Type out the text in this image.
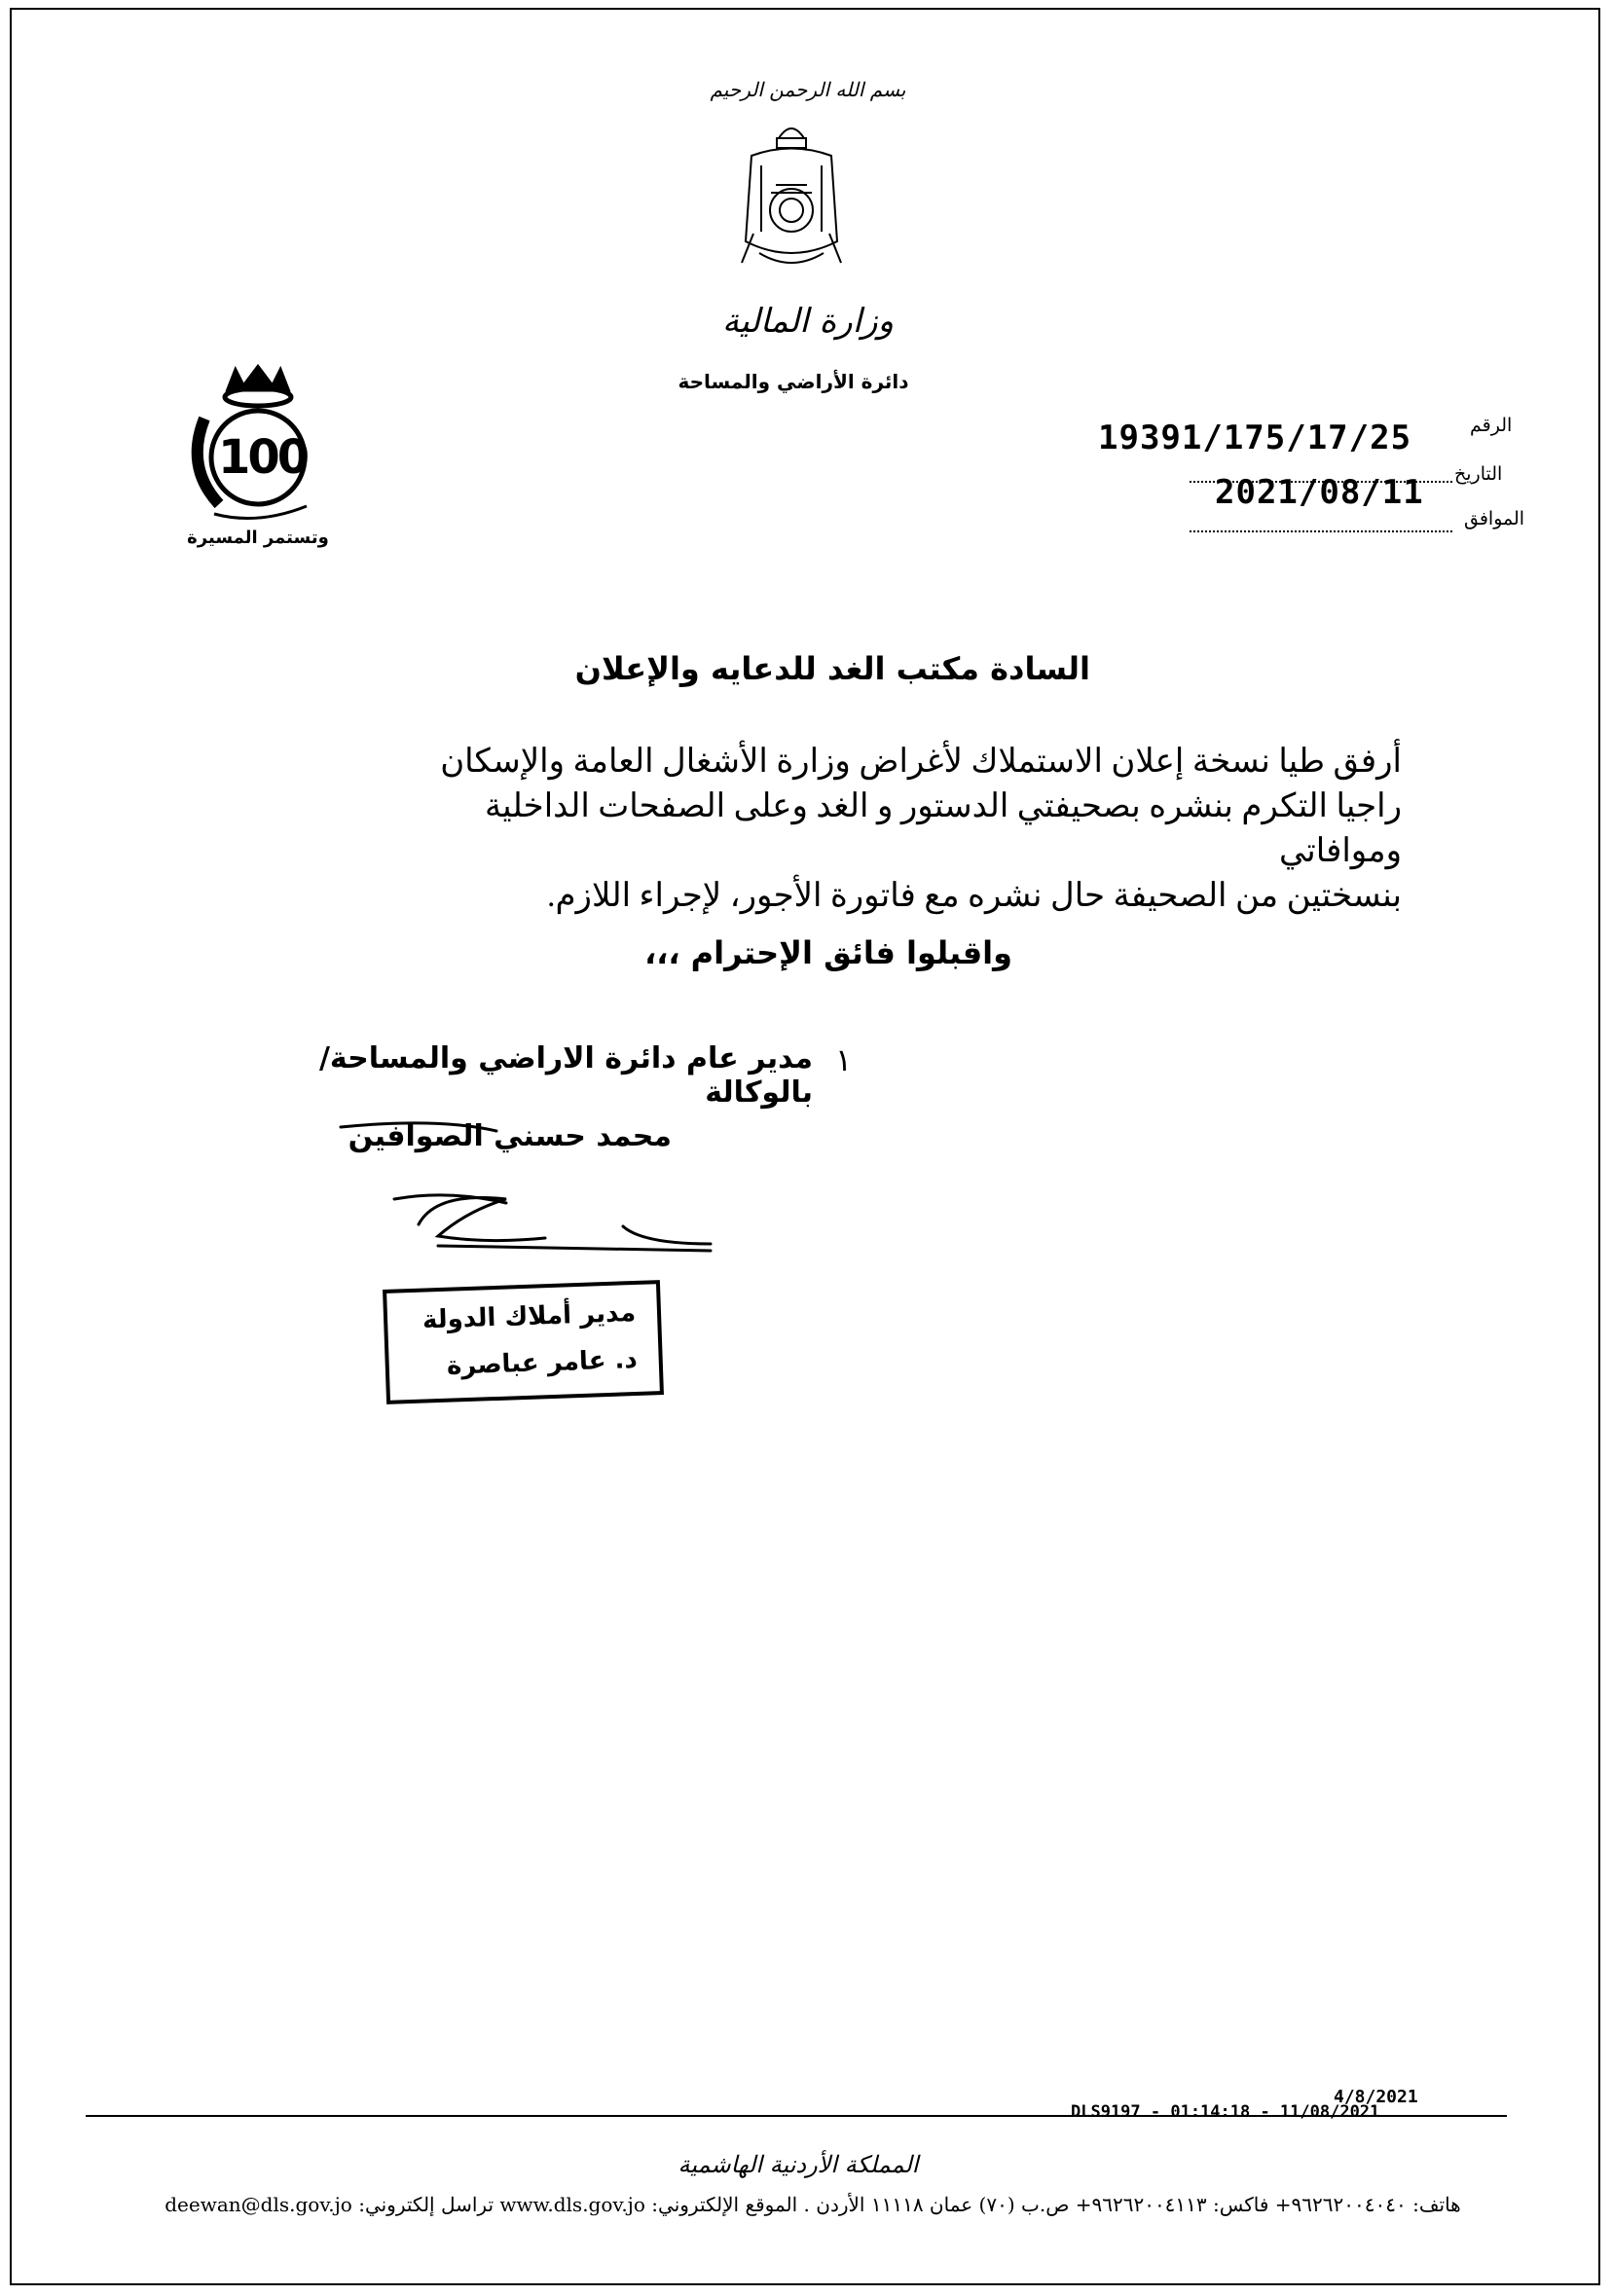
بسم الله الرحمن الرحيم
وزارة المالية
دائرة الأراضي والمساحة
100
وتستمر المسيرة
الرقم
19391/175/17/25
التاريخ
2021/08/11
الموافق
السادة مكتب الغد للدعايه والإعلان
أرفق طيا نسخة إعلان الاستملاك لأغراض وزارة الأشغال العامة والإسكان
راجيا التكرم بنشره بصحيفتي الدستور و الغد وعلى الصفحات الداخلية وموافاتي
بنسختين من الصحيفة حال نشره مع فاتورة الأجور، لإجراء اللازم.
واقبلوا فائق الإحترام ،،،
١
مدير عام دائرة الاراضي والمساحة/بالوكالة
محمد حسني الصوافين
مدير أملاك الدولة
د. عامر عباصرة
4/8/2021
DLS9197 - 01:14:18 - 11/08/2021
المملكة الأردنية الهاشمية
هاتف: ٩٦٢٦٢٠٠٤٠٤٠+ فاكس: ٩٦٢٦٢٠٠٤١١٣+ ص.ب (٧٠) عمان ١١١١٨ الأردن . الموقع الإلكتروني: www.dls.gov.jo تراسل إلكتروني: deewan@dls.gov.jo
